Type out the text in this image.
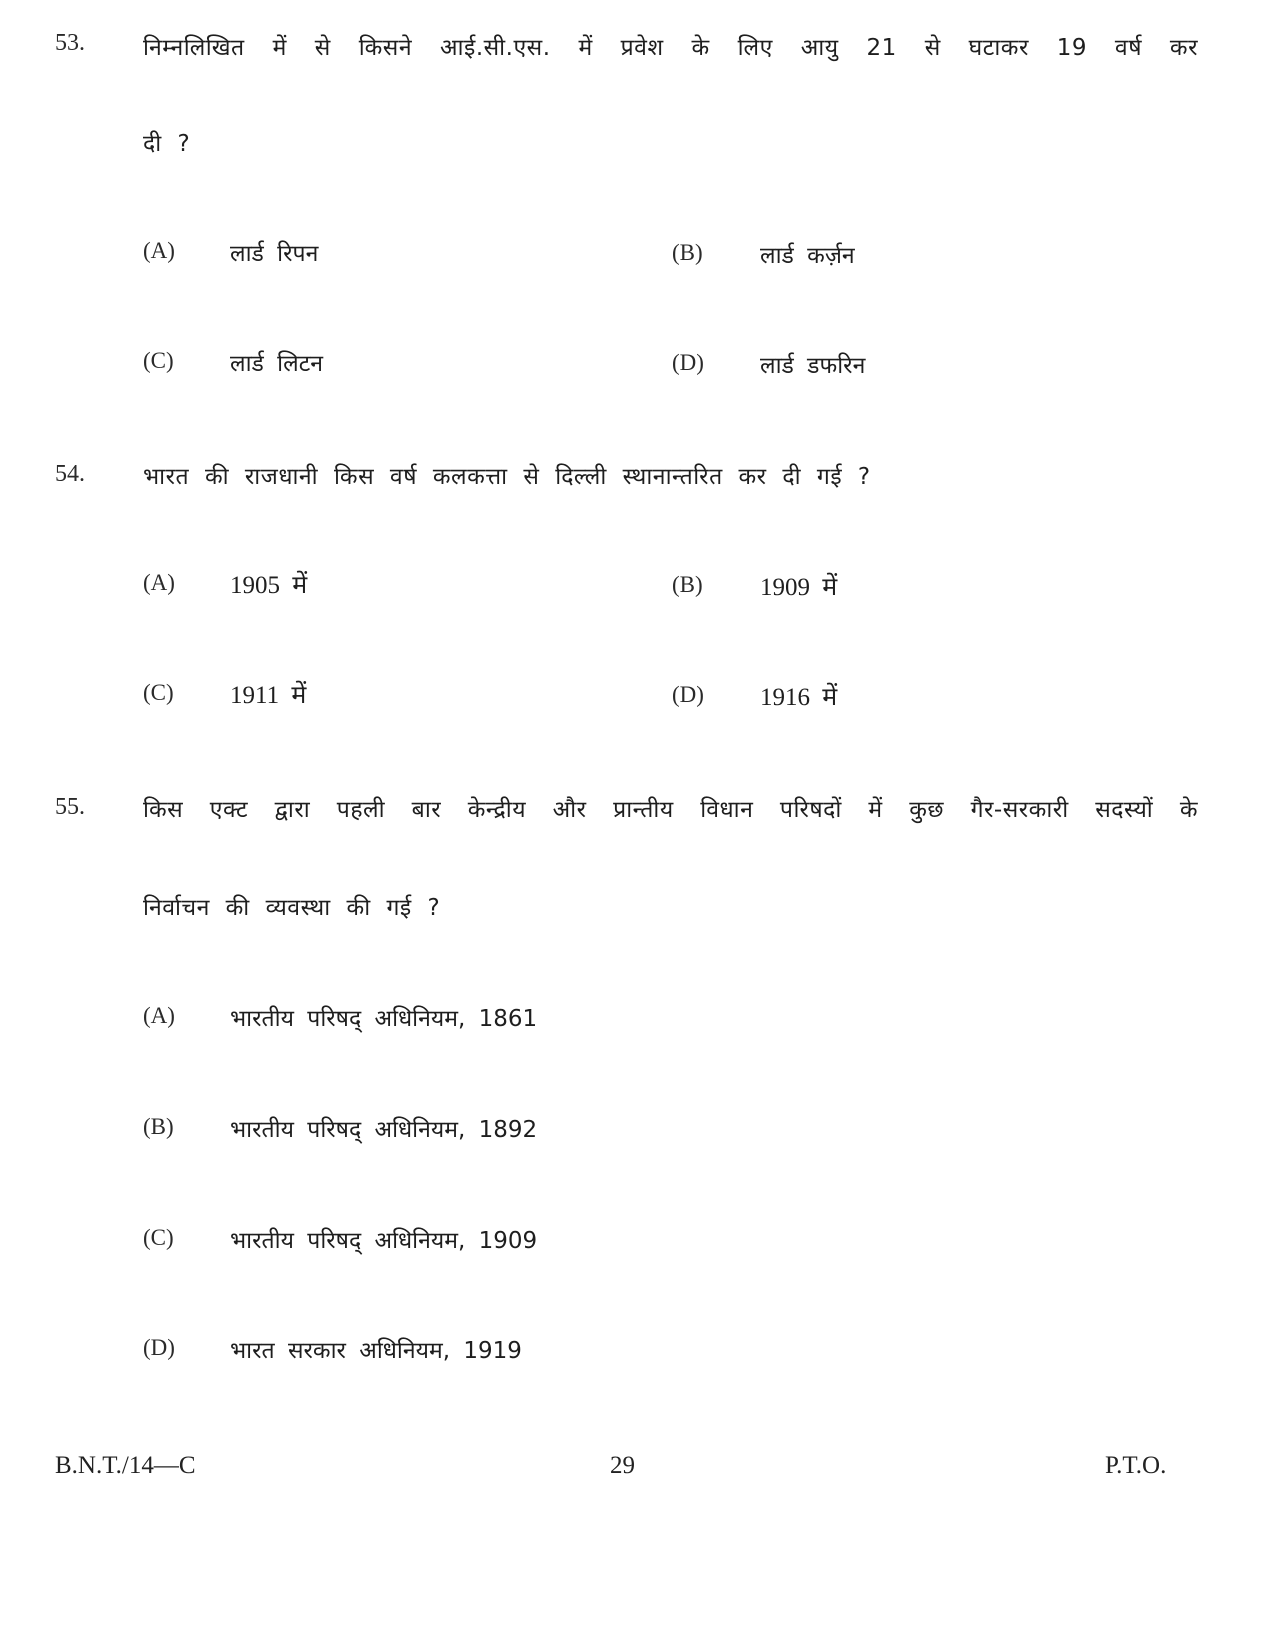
53.	निम्नलिखित में से किसने आई.सी.एस. में प्रवेश के लिए आयु 21 से घटाकर 19 वर्ष कर
दी ?
(A) लार्ड रिपन	(B) लार्ड कर्ज़न
(C) लार्ड लिटन	(D) लार्ड डफरिन
54.	भारत की राजधानी किस वर्ष कलकत्ता से दिल्ली स्थानान्तरित कर दी गई ?
(A) 1905 में	(B) 1909 में
(C) 1911 में	(D) 1916 में
55.	किस एक्ट द्वारा पहली बार केन्द्रीय और प्रान्तीय विधान परिषदों में कुछ गैर-सरकारी सदस्यों के
निर्वाचन की व्यवस्था की गई ?
(A) भारतीय परिषद् अधिनियम, 1861
(B) भारतीय परिषद् अधिनियम, 1892
(C) भारतीय परिषद् अधिनियम, 1909
(D) भारत सरकार अधिनियम, 1919
B.N.T./14—C	29	P.T.O.
